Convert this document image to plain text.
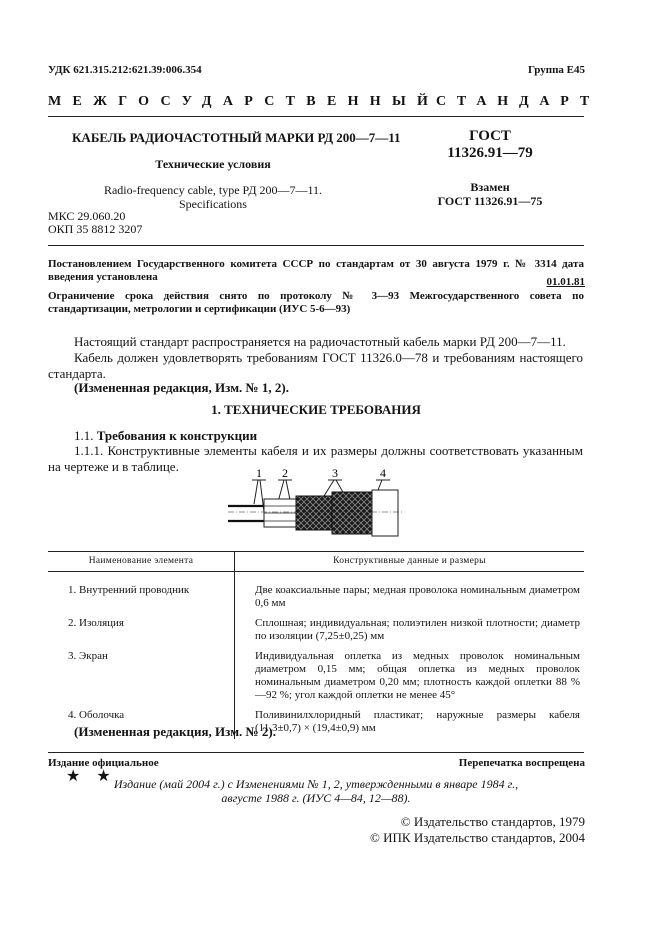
УДК 621.315.212:621.39:006.354	Группа Е45
МЕЖГОСУДАРСТВЕННЫЙ
СТАНДАРТ
КАБЕЛЬ РАДИОЧАСТОТНЫЙ МАРКИ РД 200—7—11
Технические условия
Radio-frequency cable, type РД 200—7—11.
Specifications
МКС 29.060.20
ОКП 35 8812 3207
ГОСТ
11326.91—79
Взамен
ГОСТ 11326.91—75
Постановлением Государственного комитета СССР по стандартам от 30 августа 1979 г. № 3314 дата введения установлена	01.01.81
Ограничение срока действия снято по протоколу № 3—93 Межгосударственного совета по стандартизации, метрологии и сертификации (ИУС 5-6—93)
Настоящий стандарт распространяется на радиочастотный кабель марки РД 200—7—11.
Кабель должен удовлетворять требованиям ГОСТ 11326.0—78 и требованиям настоящего стандарта.
(Измененная редакция, Изм. № 1, 2).
1. ТЕХНИЧЕСКИЕ ТРЕБОВАНИЯ
1.1. Требования к конструкции
1.1.1. Конструктивные элементы кабеля и их размеры должны соответствовать указанным на чертеже и в таблице.	1 2	3	4
Наименование элемента	Конструктивные данные и размеры
1. Внутренний проводник	Две коаксиальные пары; медная проволока номинальным диаметром 0,6 мм
2. Изоляция	Сплошная; индивидуальная; полиэтилен низкой плотности; диаметр по изоляции (7,25±0,25) мм
3. Экран	Индивидуальная оплетка из медных проволок номинальным диаметром 0,15 мм; общая оплетка из медных проволок номинальным диаметром 0,20 мм; плотность каждой оплетки 88 %—92 %; угол каждой оплетки не менее 45°
4. Оболочка	Поливинилхлоридный пластикат; наружные размеры кабеля (11,3±0,7) × (19,4±0,9) мм
(Измененная редакция, Изм. № 2).
Издание официальное	Перепечатка воспрещена
★ ★
Издание (май 2004 г.) с Изменениями № 1, 2, утвержденными в январе 1984 г.,
августе 1988 г. (ИУС 4—84, 12—88).
© Издательство стандартов, 1979
© ИПК Издательство стандартов, 2004
